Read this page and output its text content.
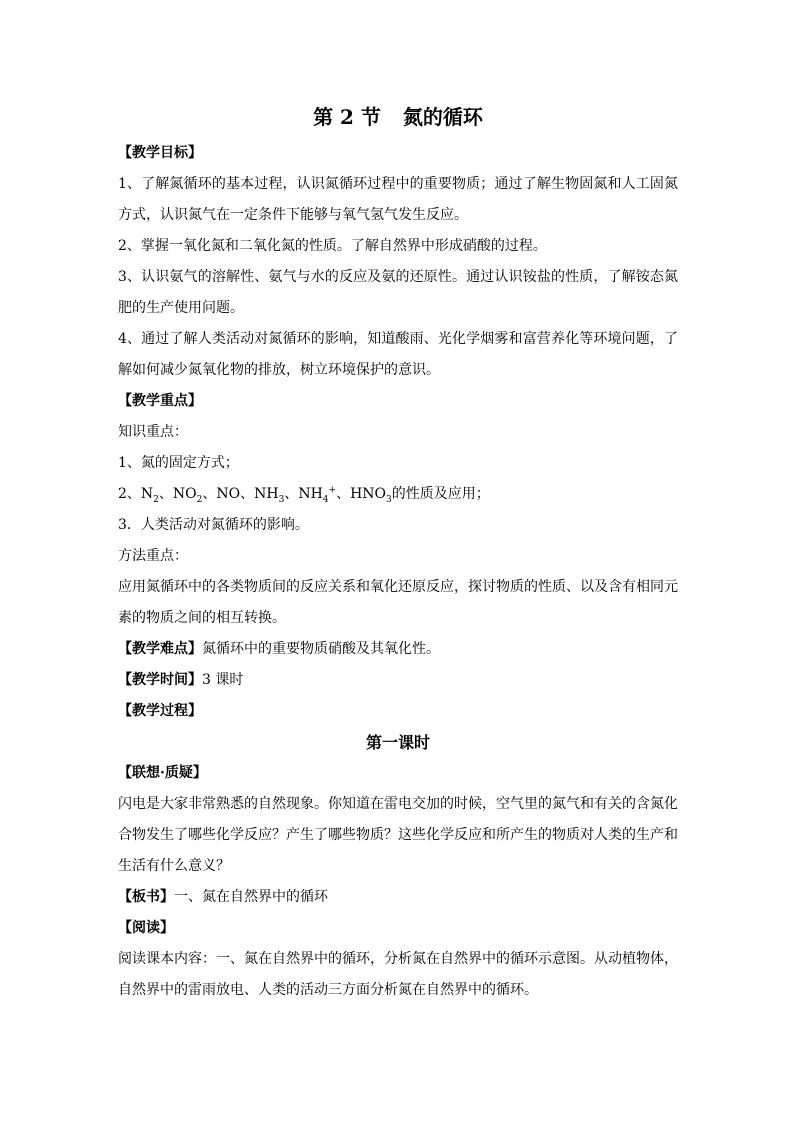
第 2 节 氮的循环
【教学目标】
1、了解氮循环的基本过程，认识氮循环过程中的重要物质；通过了解生物固氮和人工固氮方式，认识氮气在一定条件下能够与氧气氢气发生反应。
2、掌握一氧化氮和二氧化氮的性质。了解自然界中形成硝酸的过程。
3、认识氨气的溶解性、氨气与水的反应及氨的还原性。通过认识铵盐的性质，了解铵态氮肥的生产使用问题。
4、通过了解人类活动对氮循环的影响，知道酸雨、光化学烟雾和富营养化等环境问题，了解如何减少氮氧化物的排放，树立环境保护的意识。
【教学重点】
知识重点：
1、氮的固定方式；
2、$N_2$、$NO_2$、NO、$NH_3$、$NH_4^+$、$HNO_3$的性质及应用；
3．人类活动对氮循环的影响。
方法重点：
应用氮循环中的各类物质间的反应关系和氧化还原反应，探讨物质的性质、以及含有相同元素的物质之间的相互转换。
【教学难点】氮循环中的重要物质硝酸及其氧化性。
【教学时间】3 课时
【教学过程】
第一课时
【联想·质疑】
闪电是大家非常熟悉的自然现象。你知道在雷电交加的时候，空气里的氮气和有关的含氮化合物发生了哪些化学反应？产生了哪些物质？这些化学反应和所产生的物质对人类的生产和生活有什么意义？
【板书】一、氮在自然界中的循环
【阅读】
阅读课本内容：一、氮在自然界中的循环，分析氮在自然界中的循环示意图。从动植物体，自然界中的雷雨放电、人类的活动三方面分析氮在自然界中的循环。
